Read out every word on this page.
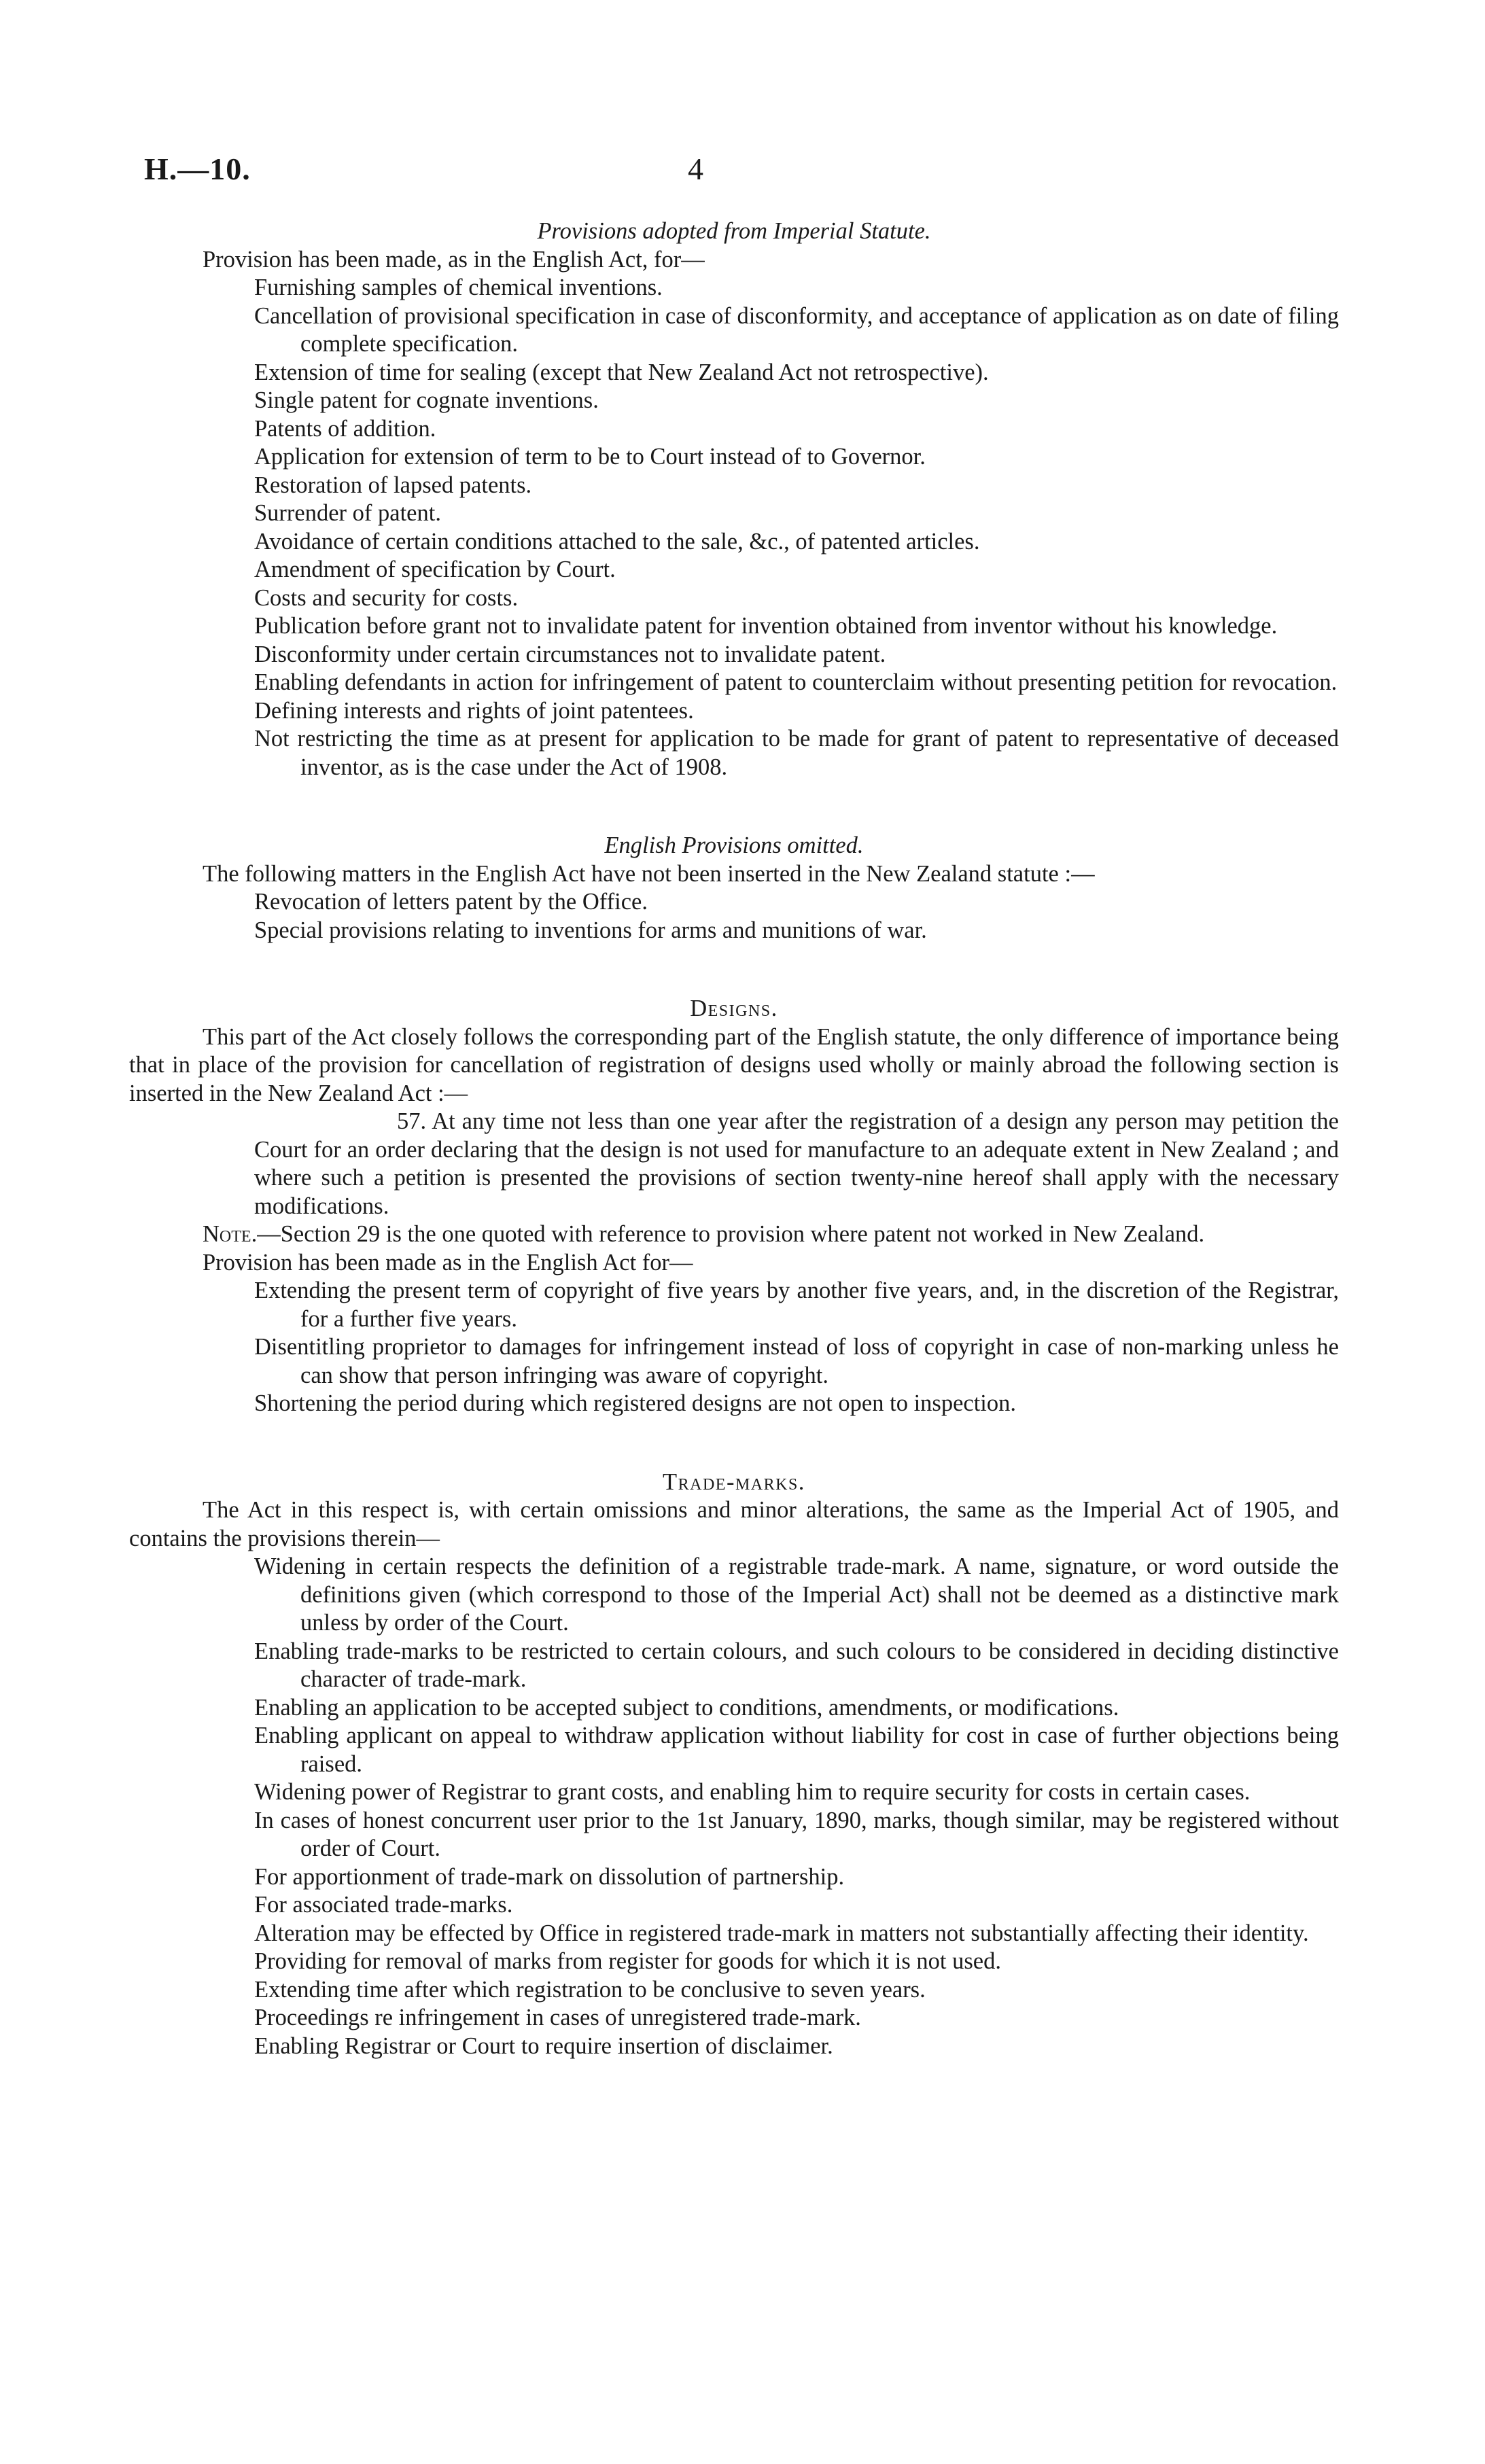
H.—10.	4

Provisions adopted from Imperial Statute.

Provision has been made, as in the English Act, for—

Furnishing samples of chemical inventions.
Cancellation of provisional specification in case of disconformity, and acceptance of application as on date of filing complete specification.
Extension of time for sealing (except that New Zealand Act not retrospective).
Single patent for cognate inventions.
Patents of addition.
Application for extension of term to be to Court instead of to Governor.
Restoration of lapsed patents.
Surrender of patent.
Avoidance of certain conditions attached to the sale, &c., of patented articles.
Amendment of specification by Court.
Costs and security for costs.
Publication before grant not to invalidate patent for invention obtained from inventor without his knowledge.
Disconformity under certain circumstances not to invalidate patent.
Enabling defendants in action for infringement of patent to counterclaim without presenting petition for revocation.
Defining interests and rights of joint patentees.
Not restricting the time as at present for application to be made for grant of patent to representative of deceased inventor, as is the case under the Act of 1908.

English Provisions omitted.

The following matters in the English Act have not been inserted in the New Zealand statute :—

Revocation of letters patent by the Office.
Special provisions relating to inventions for arms and munitions of war.

Designs.

This part of the Act closely follows the corresponding part of the English statute, the only difference of importance being that in place of the provision for cancellation of registration of designs used wholly or mainly abroad the following section is inserted in the New Zealand Act :—

57. At any time not less than one year after the registration of a design any person may petition the Court for an order declaring that the design is not used for manufacture to an adequate extent in New Zealand ; and where such a petition is presented the provisions of section twenty-nine hereof shall apply with the necessary modifications.

Note.—Section 29 is the one quoted with reference to provision where patent not worked in New Zealand.

Provision has been made as in the English Act for—

Extending the present term of copyright of five years by another five years, and, in the discretion of the Registrar, for a further five years.
Disentitling proprietor to damages for infringement instead of loss of copyright in case of non-marking unless he can show that person infringing was aware of copyright.
Shortening the period during which registered designs are not open to inspection.

Trade-marks.

The Act in this respect is, with certain omissions and minor alterations, the same as the Imperial Act of 1905, and contains the provisions therein—

Widening in certain respects the definition of a registrable trade-mark. A name, signature, or word outside the definitions given (which correspond to those of the Imperial Act) shall not be deemed as a distinctive mark unless by order of the Court.
Enabling trade-marks to be restricted to certain colours, and such colours to be considered in deciding distinctive character of trade-mark.
Enabling an application to be accepted subject to conditions, amendments, or modifications.
Enabling applicant on appeal to withdraw application without liability for cost in case of further objections being raised.
Widening power of Registrar to grant costs, and enabling him to require security for costs in certain cases.
In cases of honest concurrent user prior to the 1st January, 1890, marks, though similar, may be registered without order of Court.
For apportionment of trade-mark on dissolution of partnership.
For associated trade-marks.
Alteration may be effected by Office in registered trade-mark in matters not substantially affecting their identity.
Providing for removal of marks from register for goods for which it is not used.
Extending time after which registration to be conclusive to seven years.
Proceedings re infringement in cases of unregistered trade-mark.
Enabling Registrar or Court to require insertion of disclaimer.
